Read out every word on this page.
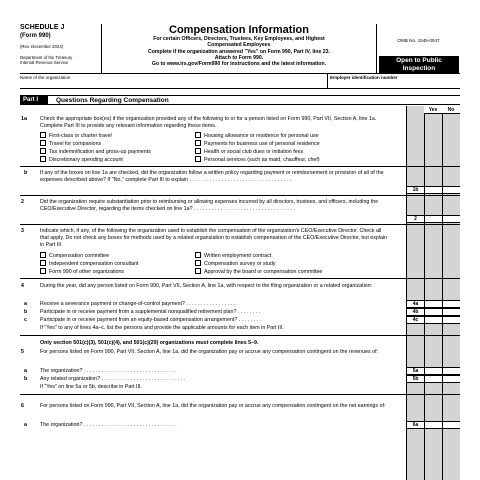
SCHEDULE J
(Form 990)
(Rev. December 2024)
Department of the Treasury
Internal Revenue Service
Compensation Information
For certain Officers, Directors, Trustees, Key Employees, and Highest
Compensated Employees
Complete if the organization answered "Yes" on Form 990, Part IV, line 23.
Attach to Form 990.
Go to www.irs.gov/Form990 for instructions and the latest information.
OMB No. 1545-0047
Open to Public
Inspection
Name of the organization	Employer identification number
Part I	Questions Regarding Compensation
Yes	No
1a Check the appropriate box(es) if the organization provided any of the following to or for a person listed on Form 990, Part VII, Section A, line 1a. Complete Part III to provide any relevant information regarding these items.
First-class or charter travel	Housing allowance or residence for personal use
Travel for companions	Payments for business use of personal residence
Tax indemnification and gross-up payments	Health or social club dues or initiation fees
Discretionary spending account	Personal services (such as maid, chauffeur, chef)
b If any of the boxes on line 1a are checked, did the organization follow a written policy regarding payment or reimbursement or provision of all of the expenses described above? If "No," complete Part III to explain . . . . . . . . . . . . . . . . . . . . . . . . . . . . . . . . . . .
1b
2	Did the organization require substantiation prior to reimbursing or allowing expenses incurred by all directors, trustees, and officers, including the CEO/Executive Director, regarding the items checked on line 1a? . . . . . . . . . . . . . . . . . . . . . . . . . . . . . . . . . . .
2
3	Indicate which, if any, of the following the organization used to establish the compensation of the organization's CEO/Executive Director. Check all that apply. Do not check any boxes for methods used by a related organization to establish compensation of the CEO/Executive Director, but explain in Part III.
Compensation committee	Written employment contract
Independent compensation consultant	Compensation survey or study
Form 990 of other organizations	Approval by the board or compensation committee
4	During the year, did any person listed on Form 990, Part VII, Section A, line 1a, with respect to the filing organization or a related organization:
a Receive a severance payment or change-of-control payment? . . . . . . . . . . . . . . . . .	4a
b Participate in or receive payment from a supplemental nonqualified retirement plan? . . . . . . . .	4b
c Participate in or receive payment from an equity-based compensation arrangement? . . . . . . . .	4c
If "Yes" to any of lines 4a–c, list the persons and provide the applicable amounts for each item in Part III.
Only section 501(c)(3), 501(c)(4), and 501(c)(29) organizations must complete lines 5–9.
5	For persons listed on Form 990, Part VII, Section A, line 1a, did the organization pay or accrue any compensation contingent on the revenues of:
a The organization? . . . . . . . . . . . . . . . . . . . . . . . . . . . . . . . .	5a
b Any related organization? . . . . . . . . . . . . . . . . . . . . . . . . . . . . .	5b
If "Yes" on line 5a or 5b, describe in Part III.
6	For persons listed on Form 990, Part VII, Section A, line 1a, did the organization pay or accrue any compensation contingent on the net earnings of:
a The organization? . . . . . . . . . . . . . . . . . . . . . . . . . . . . . . . .	6a
